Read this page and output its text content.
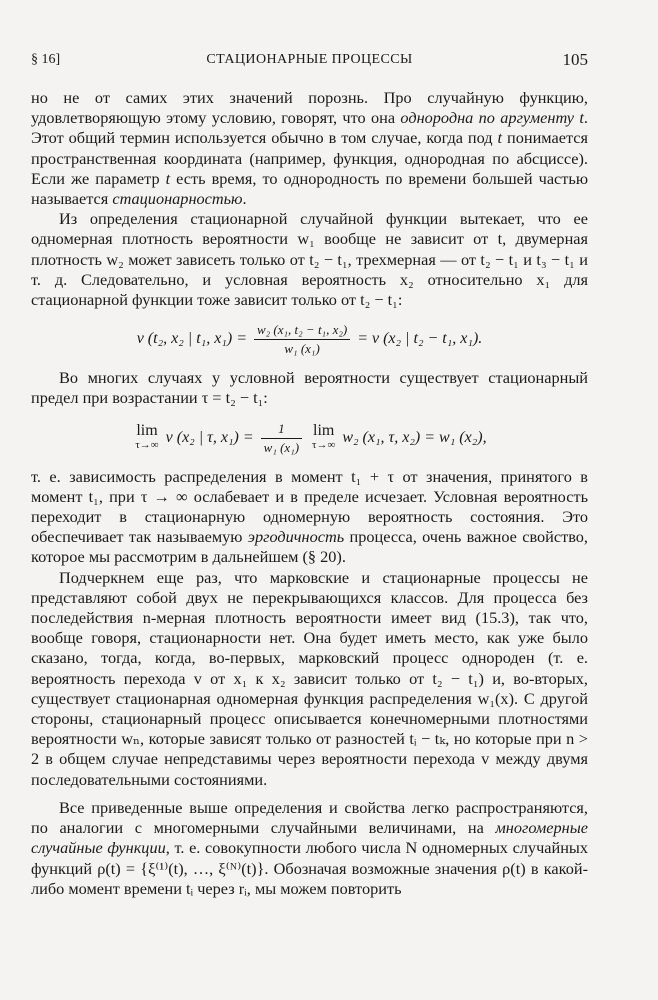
§ 16]	СТАЦИОНАРНЫЕ ПРОЦЕССЫ	105

но не от самих этих значений порознь. Про случайную функцию, удовлетворяющую этому условию, говорят, что она однородна по аргументу t. Этот общий термин используется обычно в том случае, когда под t понимается пространственная координата (например, функция, однородная по абсциссе). Если же параметр t есть время, то однородность по времени большей частью называется стационарностью.

Из определения стационарной случайной функции вытекает, что ее одномерная плотность вероятности w₁ вообще не зависит от t, двумерная плотность w₂ может зависеть только от t₂ − t₁, трехмерная — от t₂ − t₁ и t₃ − t₁ и т. д. Следовательно, и условная вероятность x₂ относительно x₁ для стационарной функции тоже зависит только от t₂ − t₁:

v (t₂, x₂ | t₁, $x_1) = \frac{\text{w₂ (x₁, t₂ − t₁, x₂)}}{\text{w₁ (x₁)}} = v$ (x₂ | t₂ − t₁, x₁).

Во многих случаях у условной вероятности существует стационарный предел при возрастании τ = t₂ − t₁:

lim
τ→∞ v (x₂ | τ, $x_1) = \frac{1}{\text{w₁ (x₁)}}$
lim
τ→∞ w₂ (x₁, τ, x₂) = w₁ (x₂),

т. е. зависимость распределения в момент t₁ + τ от значения, принятого в момент t₁, при τ → ∞ ослабевает и в пределе исчезает. Условная вероятность переходит в стационарную одномерную вероятность состояния. Это обеспечивает так называемую эргодичность процесса, очень важное свойство, которое мы рассмотрим в дальнейшем (§ 20).

Подчеркнем еще раз, что марковские и стационарные процессы не представляют собой двух не перекрывающихся классов. Для процесса без последействия n-мерная плотность вероятности имеет вид (15.3), так что, вообще говоря, стационарности нет. Она будет иметь место, как уже было сказано, тогда, когда, во-первых, марковский процесс однороден (т. е. вероятность перехода v от x₁ к x₂ зависит только от t₂ − t₁) и, во-вторых, существует стационарная одномерная функция распределения w₁(x). С другой стороны, стационарный процесс описывается конечномерными плотностями вероятности wₙ, которые зависят только от разностей tᵢ − tₖ, но которые при n > 2 в общем случае непредставимы через вероятности перехода v между двумя последовательными состояниями.

Все приведенные выше определения и свойства легко распространяются, по аналогии с многомерными случайными величинами, на многомерные случайные функции, т. е. совокупности любого числа N одномерных случайных функций ρ(t) = {ξ⁽¹⁾(t), …, ξ⁽ᴺ⁾(t)}. Обозначая возможные значения ρ(t) в какой-либо момент времени tᵢ через rᵢ, мы можем повторить
